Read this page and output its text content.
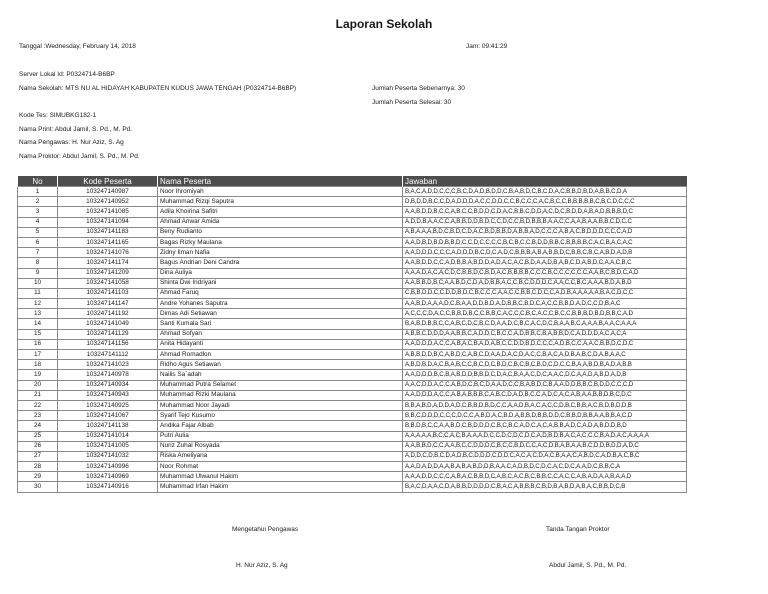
Laporan Sekolah
Tanggal :Wednesday, February 14, 2018	Jam: 09:41:29
Server Lokal Id: P0324714-B6BP
Nama Sekolah: MTS NU AL HIDAYAH KABUPATEN KUDUS JAWA TENGAH (P0324714-B6BP)	Jumlah Peserta Sebenarnya: 30
Jumlah Peserta Selesai: 30
Kode Tes: SIMUBKG182-1
Nama Print: Abdul Jamil, S. Pd., M. Pd.
Nama Pengawas: H. Nur Aziz, S. Ag
Nama Proktor: Abdul Jamil, S. Pd., M. Pd.
No	Kode Peserta	Nama Peserta	Jawaban
1	103247140987	Noor Ihromiyah	B,A,C,A,D,D,C,C,C,B,C,D,A,D,B,D,D,C,B,A,B,D,C,B,C,D,A,C,B,B,D,B,D,A,B,B,C,D,A
2	103247140952	Muhammad Rizqi Saputra	D,B,D,D,B,C,C,D,A,D,D,D,A,C,C,D,D,C,C,B,C,C,C,A,C,B,C,C,B,B,B,B,B,C,B,C,D,C,C,C
3	103247141085	Adila Khoirina Safitri	A,A,B,D,D,B,C,C,A,B,C,C,B,D,D,C,D,A,C,B,B,C,D,D,A,C,D,C,B,D,D,A,B,A,D,B,B,B,D,C
4	103247141094	Ahmad Anwar Amida	A,D,D,B,A,A,C,C,A,B,B,D,D,B,D,C,C,D,C,C,B,D,B,B,B,A,A,C,C,A,A,B,A,A,B,B,C,D,C,C
5	103247141183	Beny Rudianto	A,B,A,A,A,B,D,C,B,D,C,D,A,C,B,D,B,B,D,A,B,B,A,D,C,C,C,A,B,A,C,B,D,D,D,C,C,C,A,D
6	103247141165	Bagas Rizky Maulana	A,A,D,B,D,B,D,B,B,D,C,C,D,C,C,C,C,B,C,B,C,C,B,D,D,B,B,C,B,B,B,B,C,A,C,B,A,C,A,C
7	103247141076	Zidny Ilman Nafia	A,A,D,D,D,C,C,C,A,D,D,D,B,C,D,C,A,D,C,B,B,B,A,B,A,B,B,D,C,B,B,C,B,C,A,B,D,A,D,B
8	103247141174	Bagus Andrian Deni Candra	A,A,B,D,D,C,C,A,D,B,B,A,B,D,D,A,D,A,C,A,C,B,D,A,A,D,B,A,B,C,D,A,B,D,C,A,A,C,B,C
9	103247141209	Dina Auliya	A,A,A,D,A,C,A,C,D,C,B,B,D,C,B,D,A,C,B,B,B,B,C,C,C,B,C,C,C,C,C,C,A,A,B,C,B,D,C,A,D
10	103247141058	Shinta Dwi Indriyani	A,A,B,B,D,B,C,A,A,B,D,C,D,A,D,B,B,A,C,C,B,C,D,D,D,C,A,A,C,C,B,C,A,A,A,B,D,A,B,D
11	103247141103	Ahmad Faruq	C,B,B,D,D,C,C,D,D,B,D,C,B,C,C,C,A,A,C,C,B,B,C,D,C,C,A,D,B,A,A,A,A,A,B,A,C,D,C,C
12	103247141147	Andre Yohanes Saputra	A,A,B,D,A,A,A,D,C,B,A,A,D,D,B,D,A,D,B,B,C,B,D,C,A,C,C,B,B,D,A,D,C,C,D,B,A,C
13	103247141192	Dimas Adi Setiawan	A,C,C,C,D,A,C,C,B,B,D,B,C,C,B,B,C,A,C,C,C,B,C,A,C,C,B,C,C,B,B,B,D,B,D,B,B,C,A,D
14	103247141049	Santi Kumala Sari	B,A,B,D,B,B,C,C,A,B,C,D,C,B,C,D,A,A,D,C,B,C,A,C,D,C,B,A,A,B,C,A,A,A,B,A,A,C,A,A,A
15	103247141129	Ahmad Sofyan	A,B,B,C,D,D,D,A,A,B,B,C,A,D,D,C,B,C,C,A,D,B,B,C,B,A,B,B,D,C,A,D,D,D,A,C,A,C,A
16	103247141156	Anita Hidayanti	A,A,D,D,D,A,C,C,A,B,A,C,B,A,D,A,B,C,C,D,D,B,D,C,C,C,A,D,B,C,C,A,A,C,B,B,D,C,D,C
17	103247141112	Ahmad Romadlon	A,B,B,D,D,B,C,A,B,D,C,A,B,C,D,A,A,D,A,C,D,A,C,C,B,A,C,A,D,B,A,B,C,D,A,B,A,A,C
18	103247141023	Ridho Agus Setiawan	A,B,D,B,D,A,C,B,A,B,C,C,B,C,D,C,B,D,C,B,C,B,C,B,D,C,D,C,C,B,A,A,B,D,B,A,D,A,B,B
19	103247140978	Nailis Sa`adah	A,A,D,D,D,B,C,B,A,B,D,D,B,B,D,C,D,A,C,B,A,A,C,D,C,A,A,C,D,C,A,A,D,A,B,D,A,D,B
20	103247140934	Muhammad Putra Selamet	A,A,C,D,D,A,C,C,A,B,D,C,B,C,D,A,A,D,C,C,B,A,B,D,C,B,A,A,D,D,B,B,C,B,D,D,C,C,C,D
21	103247140943	Muhammad Rizki Maulana	A,A,D,D,D,A,C,C,A,B,A,B,B,B,C,A,B,C,D,A,D,B,C,C,A,D,C,A,C,A,B,A,A,B,B,D,B,C,D,C
22	103247140925	Muhammad Noor Jayadi	B,B,A,B,D,A,D,D,A,D,C,B,B,D,B,D,C,C,A,A,D,B,A,C,A,C,C,D,B,C,B,B,A,C,B,D,B,D,D,B
23	103247141067	Syarif Tejo Kusumo	B,B,C,D,D,D,C,C,C,D,C,C,A,B,D,A,C,B,D,A,B,B,D,B,B,D,D,C,B,B,D,B,B,A,A,B,B,A,C,D
24	103247141138	Andika Fajar Albab	B,B,D,B,C,C,A,A,B,D,C,B,D,D,D,C,B,C,B,C,A,D,C,A,C,A,B,B,A,D,C,A,D,A,B,D,D,B,D
25	103247141014	Putri Aulia	A,A,A,A,A,B,C,C,A,C,B,A,A,A,D,C,C,D,C,D,C,D,C,A,D,B,D,B,A,C,A,C,C,C,B,A,D,A,C,A,A,A,A
26	103247141005	Nuriz Zuhal Rosyada	A,A,B,B,D,C,C,A,A,B,C,C,D,D,D,C,B,C,C,B,D,C,C,A,C,D,B,A,B,A,A,B,C,D,D,B,D,D,A,D,C
27	103247141032	Riska Ameliyana	A,D,D,C,D,B,C,D,A,D,B,C,D,D,D,C,D,D,C,A,C,A,C,D,A,C,B,A,A,C,A,B,D,C,A,D,B,A,C,B,C
28	103247140996	Noor Rohmat	A,A,D,A,D,D,A,A,B,A,B,A,B,D,D,B,A,A,C,A,D,B,D,C,D,C,A,C,D,C,A,A,D,C,B,B,C,A
29	103247140969	Muhammad Ulwanul Hakim	A,A,A,D,D,C,C,C,A,B,A,C,B,B,D,C,A,B,C,A,C,B,C,B,B,C,C,A,C,C,A,B,A,D,A,A,B,A,A,D
30	103247140916	Muhammad Irfan Hakim	B,A,C,D,A,A,C,D,A,B,B,D,D,D,D,C,B,A,C,A,B,B,B,C,B,D,B,A,B,D,A,B,A,C,B,B,D,C,B
Mengetahui Pengawas	Tanda Tangan Proktor
H. Nur Aziz, S. Ag	Abdul Jamil, S. Pd., M. Pd.
